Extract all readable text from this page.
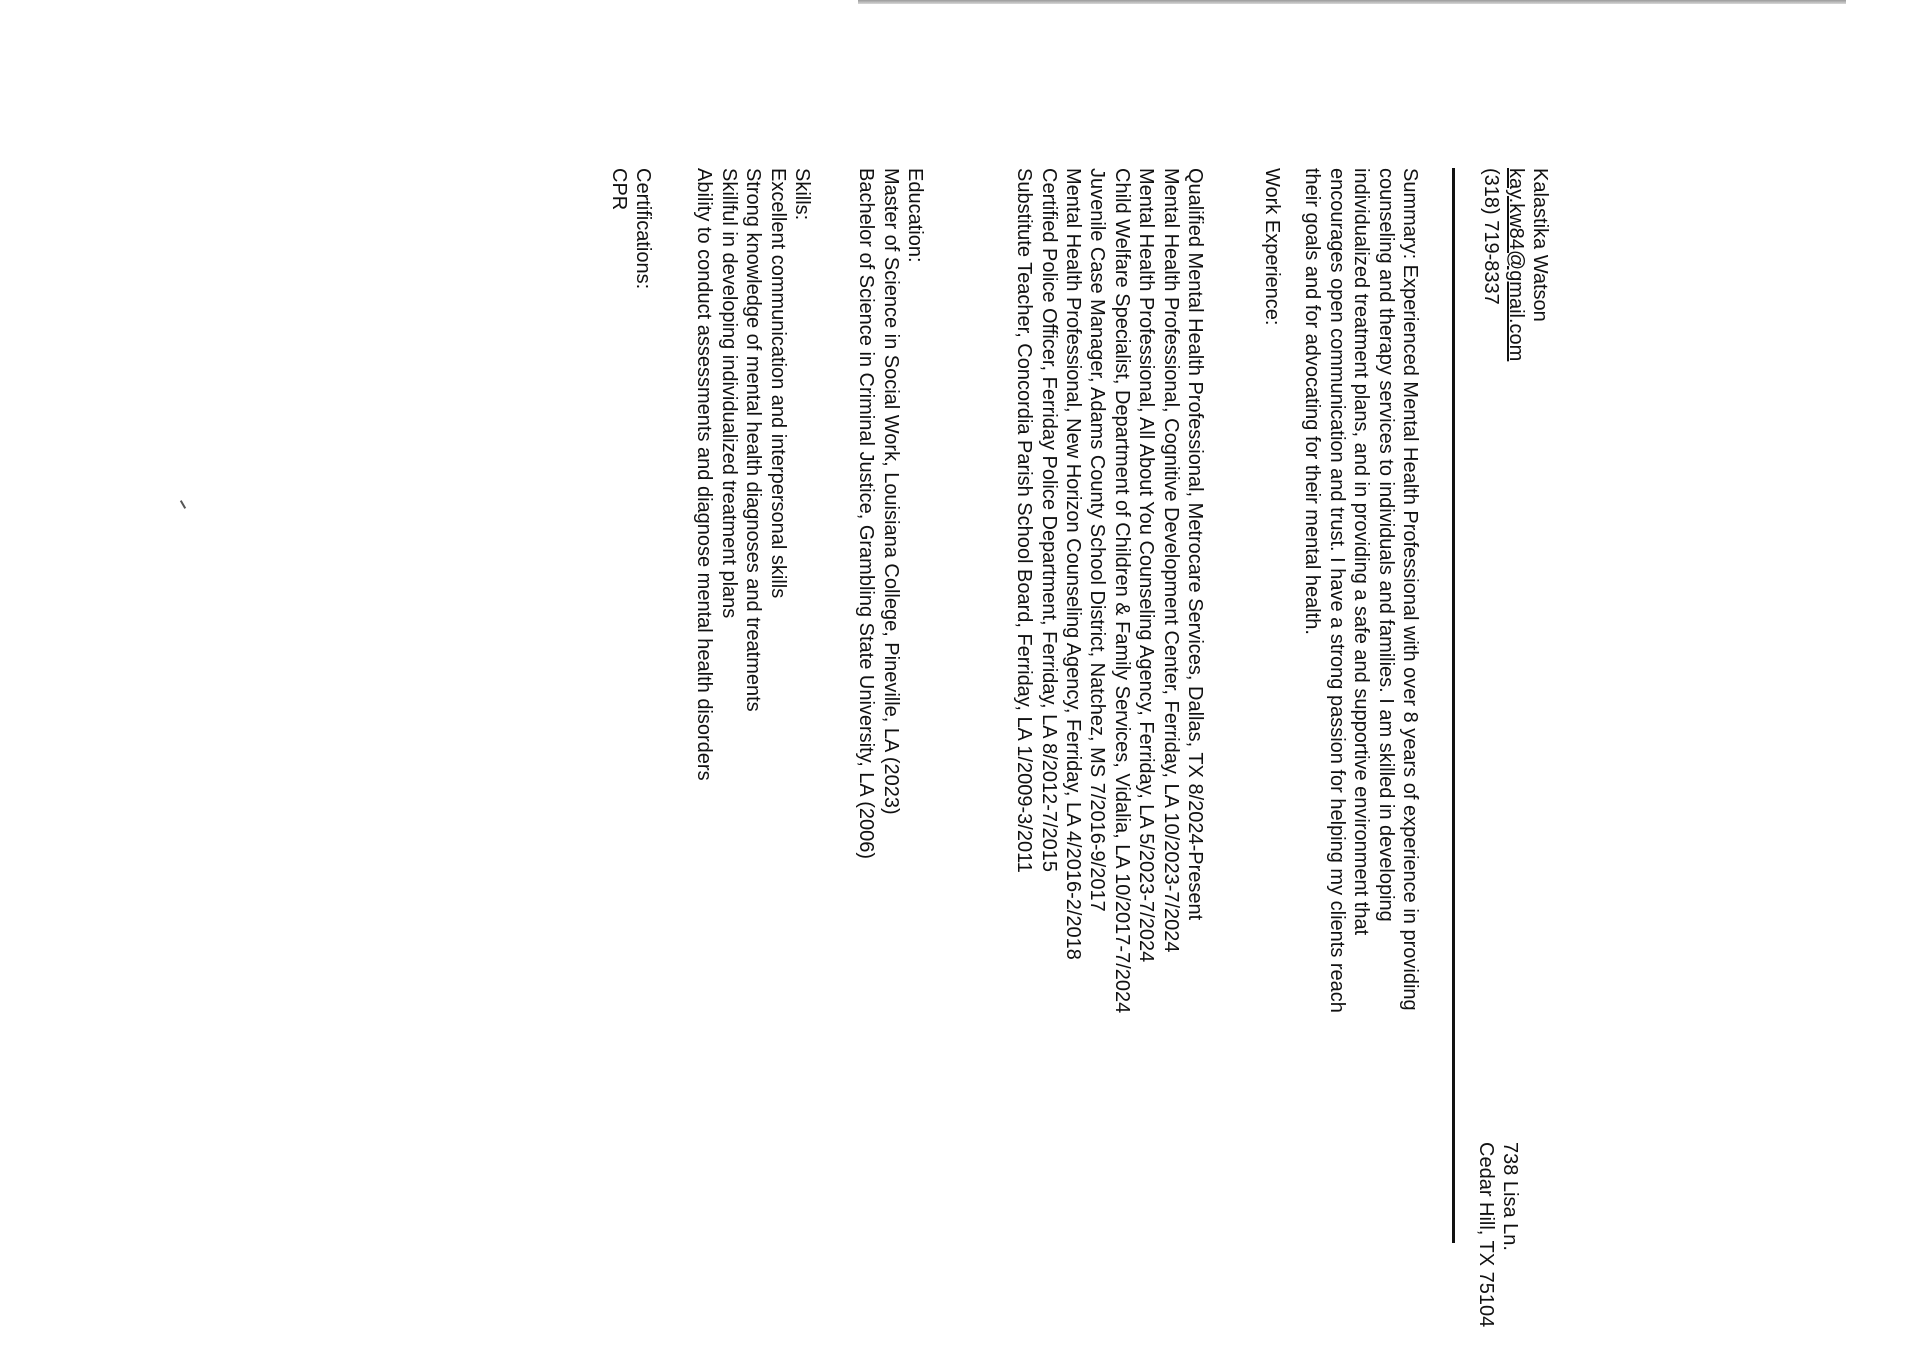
Kalastika Watson
kay.kw84@gmail.com
(318) 719-8337
738 Lisa Ln.
Cedar Hill, TX 75104
Summary: Experienced Mental Health Professional with over 8 years of experience in providing
counseling and therapy services to individuals and families. I am skilled in developing
individualized treatment plans, and in providing a safe and supportive environment that
encourages open communication and trust. I have a strong passion for helping my clients reach
their goals and for advocating for their mental health.
Work Experience:
Qualified Mental Health Professional, Metrocare Services, Dallas, TX 8/2024-Present
Mental Health Professional, Cognitive Development Center, Ferriday, LA 10/2023-7/2024
Mental Health Professional, All About You Counseling Agency, Ferriday, LA 5/2023-7/2024
Child Welfare Specialist, Department of Children & Family Services, Vidalia, LA 10/2017-7/2024
Juvenile Case Manager, Adams County School District, Natchez, MS 7/2016-9/2017
Mental Health Professional, New Horizon Counseling Agency, Ferriday, LA 4/2016-2/2018
Certified Police Officer, Ferriday Police Department, Ferriday, LA 8/2012-7/2015
Substitute Teacher, Concordia Parish School Board, Ferriday, LA 1/2009-3/2011
Education:
Master of Science in Social Work, Louisiana College, Pineville, LA (2023)
Bachelor of Science in Criminal Justice, Grambling State University, LA (2006)
Skills:
Excellent communication and interpersonal skills
Strong knowledge of mental health diagnoses and treatments
Skillful in developing individualized treatment plans
Ability to conduct assessments and diagnose mental health disorders
Certifications:
CPR
